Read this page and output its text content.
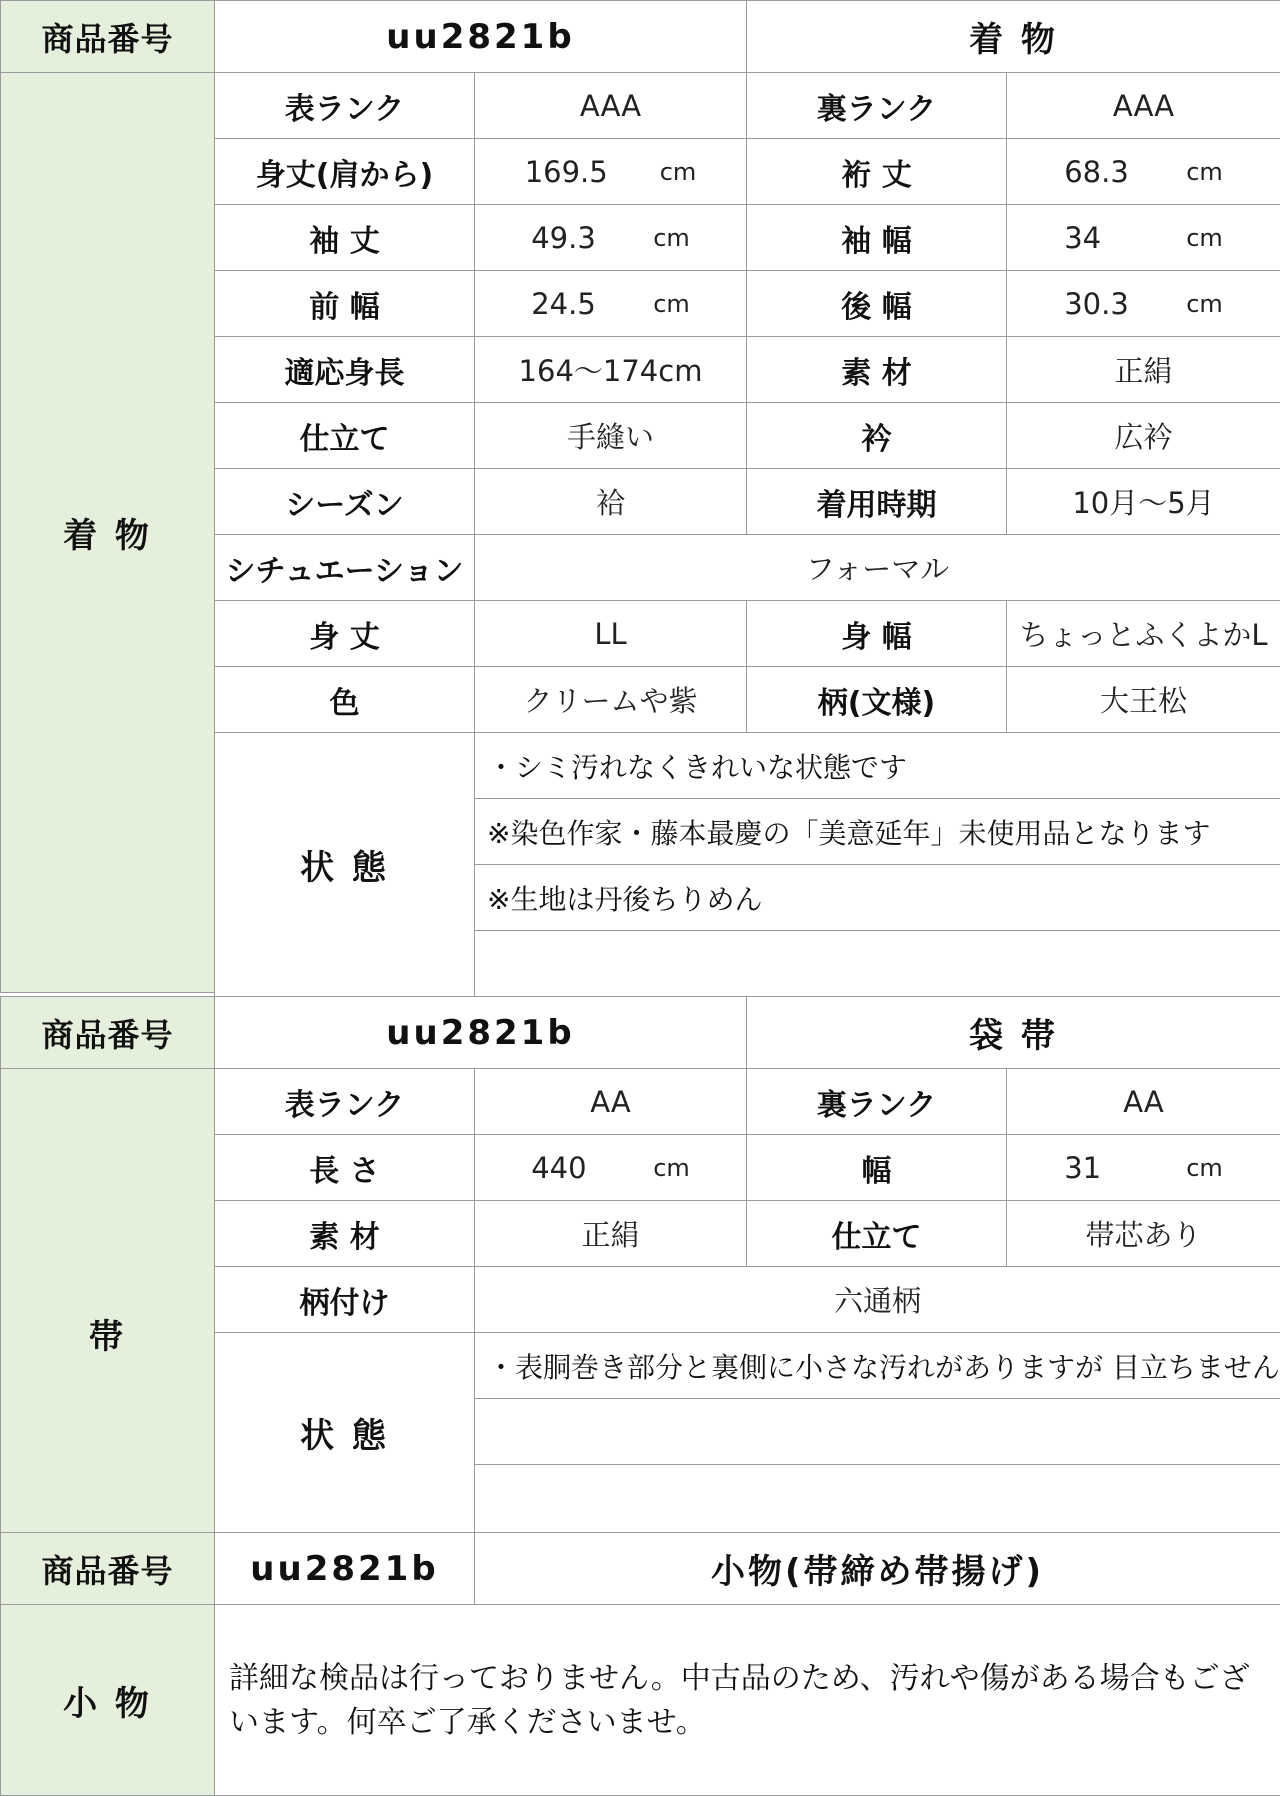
商品番号	uu2821b	着 物
着 物
表ランク	AAA	裏ランク	AAA
身丈(肩から)	169.5 cm	裄 丈	68.3 cm
袖 丈	49.3 cm	袖 幅	34	cm
前 幅	24.5 cm	後 幅	30.3 cm
適応身長	164〜174cm	素 材	正絹
仕立て	手縫い	衿	広衿
シーズン	袷	着用時期	10月〜5月
シチュエーション	フォーマル
身 丈	LL	身 幅	ちょっとふくよかL
色	クリームや紫	柄(文様)	大王松
状 態
・シミ汚れなくきれいな状態です
※染色作家・藤本最慶の「美意延年」未使用品となります
※生地は丹後ちりめん
商品番号	uu2821b	袋 帯
帯
表ランク	AA	裏ランク	AA
長 さ	440	cm	幅	31	cm
素 材	正絹	仕立て	帯芯あり
柄付け	六通柄
状 態
・表胴巻き部分と裏側に小さな汚れがありますが 目立ちません
商品番号 uu2821b	小物(帯締め帯揚げ)
小 物
詳細な検品は行っておりません。中古品のため、汚れや傷がある場合もございます。何卒ご了承くださいませ。
